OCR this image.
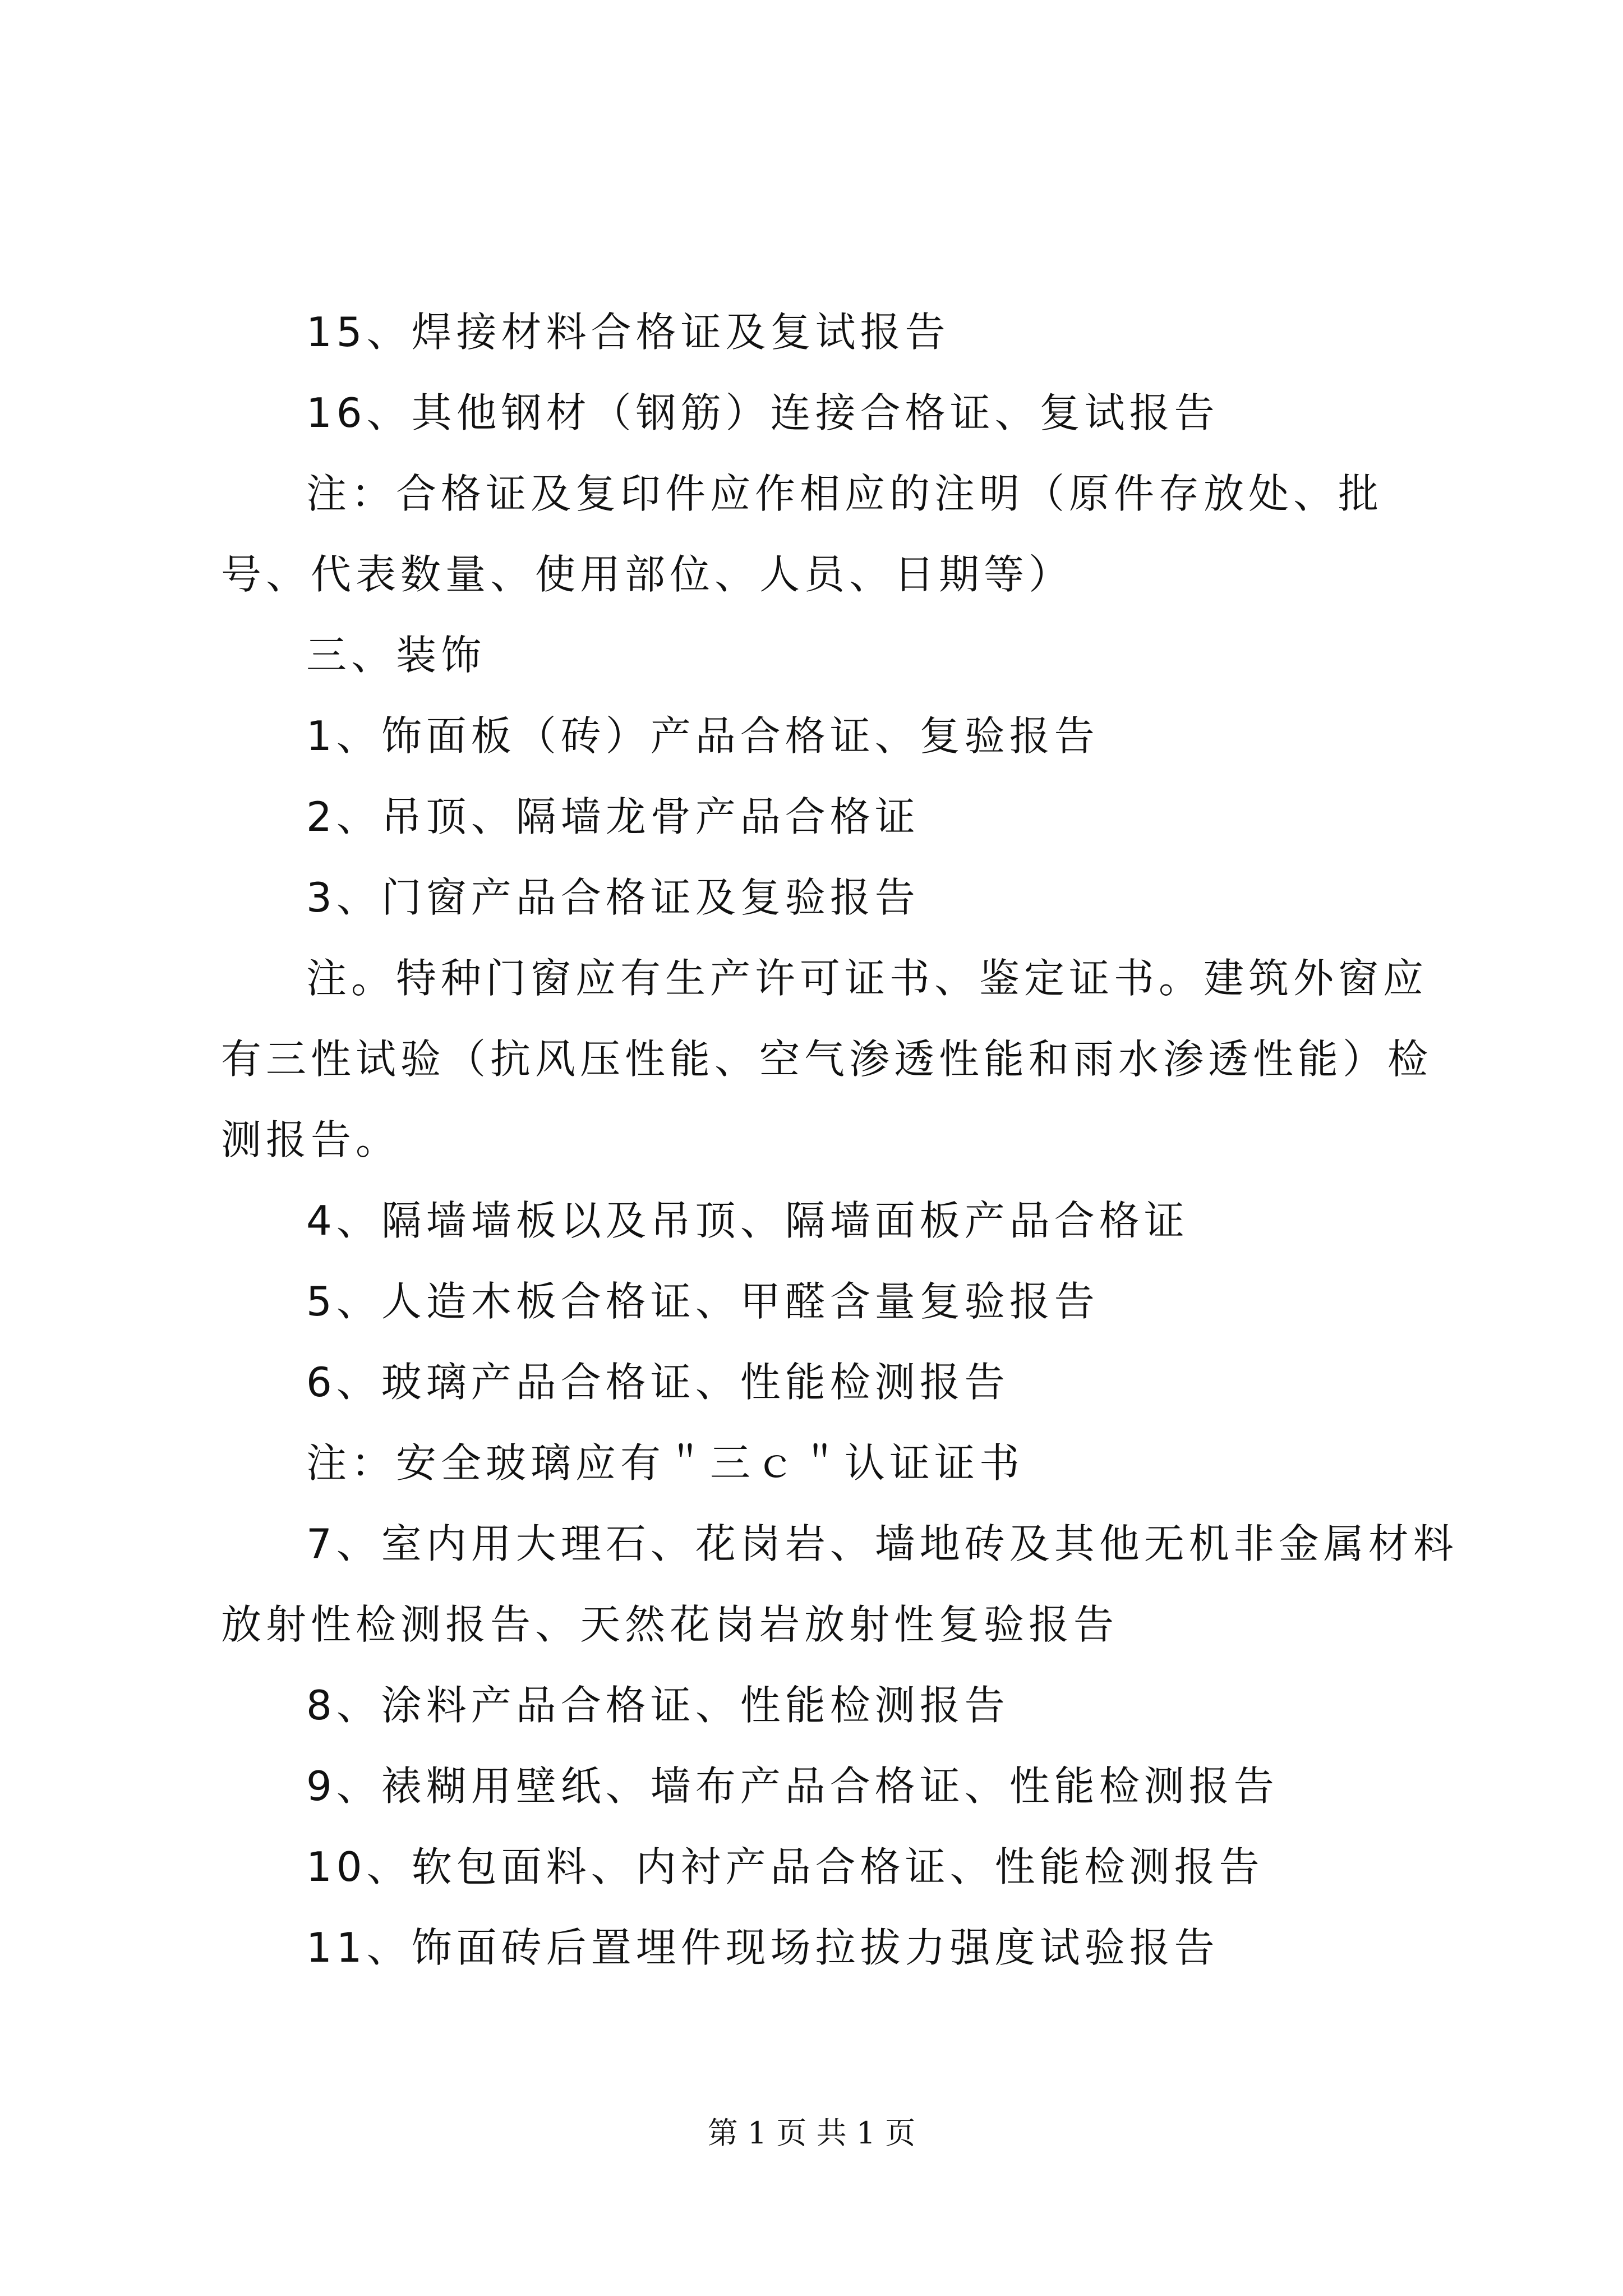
15、焊接材料合格证及复试报告

16、其他钢材（钢筋）连接合格证、复试报告

注：合格证及复印件应作相应的注明（原件存放处、批号、代表数量、使用部位、人员、日期等）

三、装饰

1、饰面板（砖）产品合格证、复验报告

2、吊顶、隔墙龙骨产品合格证

3、门窗产品合格证及复验报告

注。特种门窗应有生产许可证书、鉴定证书。建筑外窗应有三性试验（抗风压性能、空气渗透性能和雨水渗透性能）检测报告。

4、隔墙墙板以及吊顶、隔墙面板产品合格证

5、人造木板合格证、甲醛含量复验报告

6、玻璃产品合格证、性能检测报告

注：安全玻璃应有＂三ｃ＂认证证书

7、室内用大理石、花岗岩、墙地砖及其他无机非金属材料放射性检测报告、天然花岗岩放射性复验报告

8、涂料产品合格证、性能检测报告

9、裱糊用壁纸、墙布产品合格证、性能检测报告

10、软包面料、内衬产品合格证、性能检测报告

11、饰面砖后置埋件现场拉拔力强度试验报告

第 1 页 共 1 页
